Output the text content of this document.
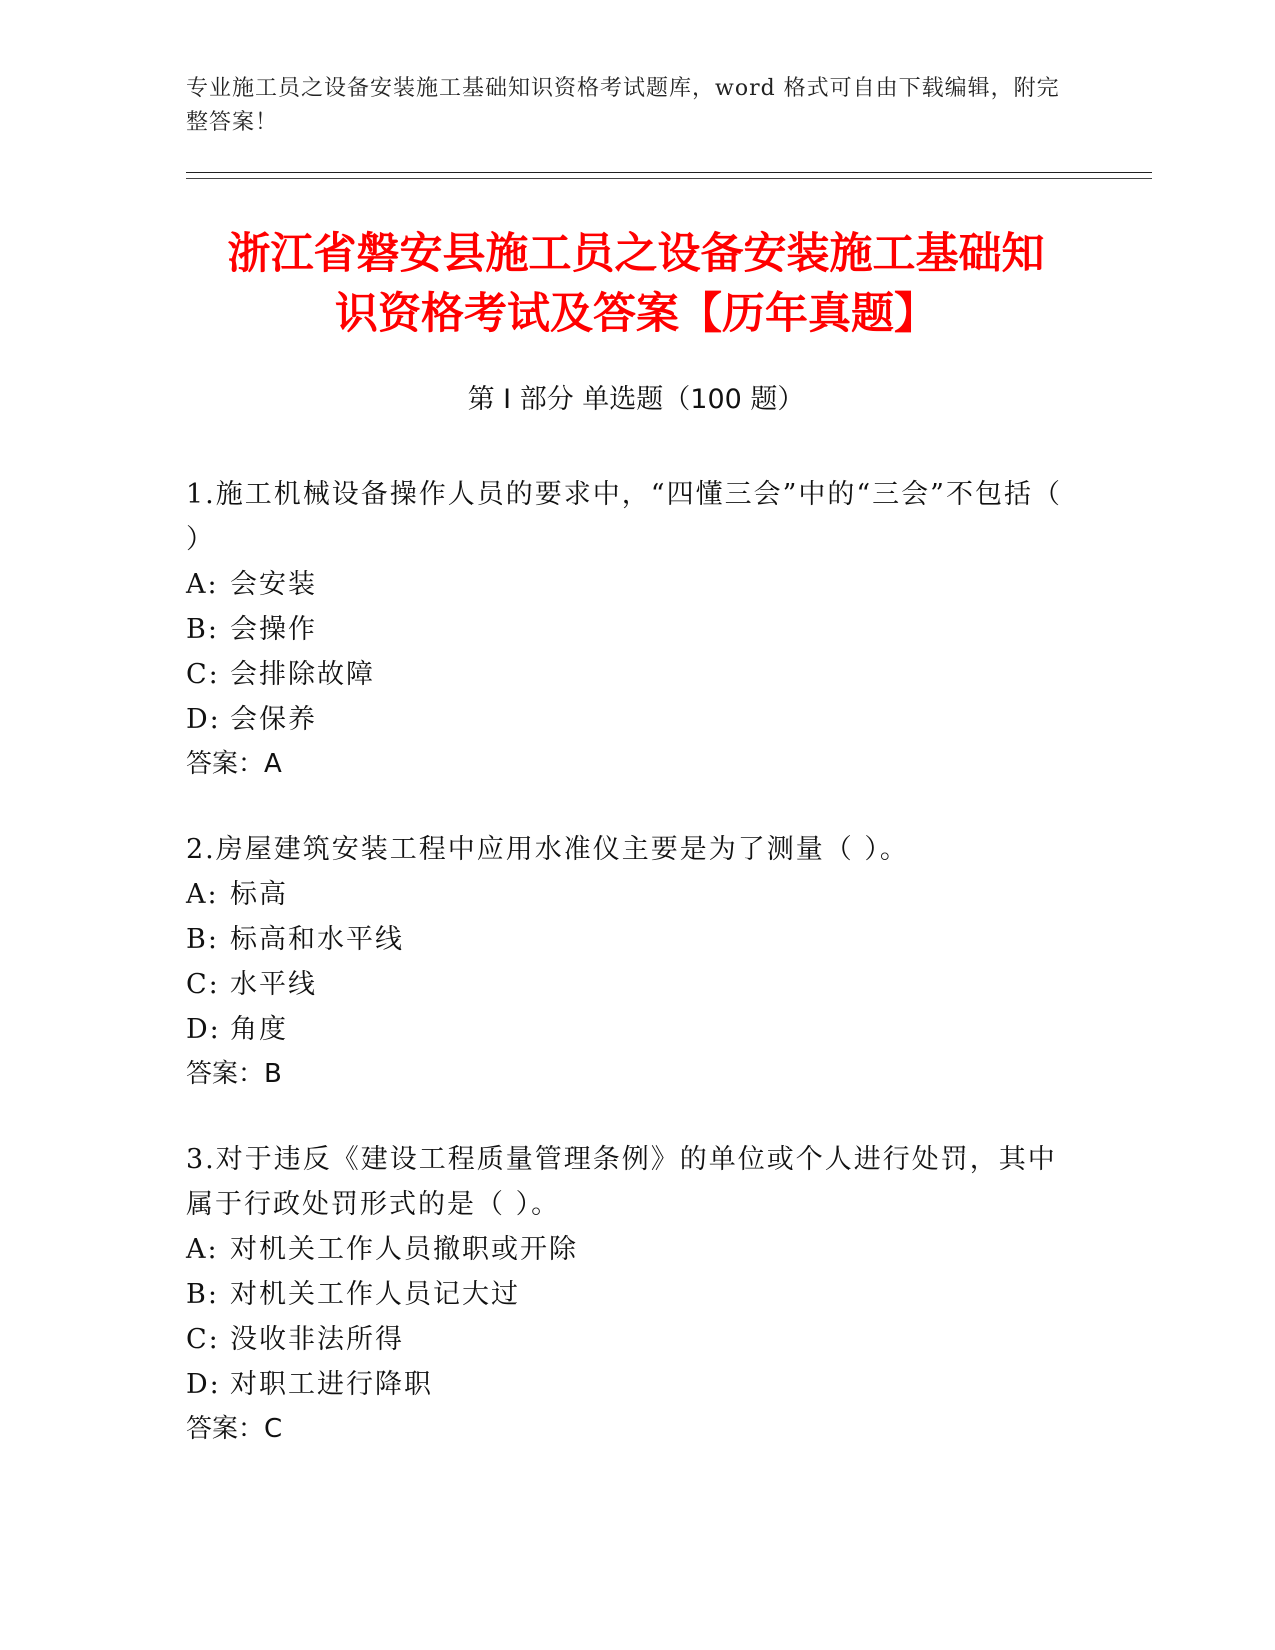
专业施工员之设备安装施工基础知识资格考试题库，word 格式可自由下载编辑，附完整答案！
浙江省磐安县施工员之设备安装施工基础知
识资格考试及答案【历年真题】
第 I 部分 单选题（100 题）

1.施工机械设备操作人员的要求中，“四懂三会”中的“三会”不包括（ ）

A: 会安装

B: 会操作

C: 会排除故障

D: 会保养

答案：A

2.房屋建筑安装工程中应用水准仪主要是为了测量（ ）。

A: 标高

B: 标高和水平线

C: 水平线

D: 角度

答案：B

3.对于违反《建设工程质量管理条例》的单位或个人进行处罚，其中属于行政处罚形式的是（ ）。

A: 对机关工作人员撤职或开除

B: 对机关工作人员记大过

C: 没收非法所得

D: 对职工进行降职

答案：C
